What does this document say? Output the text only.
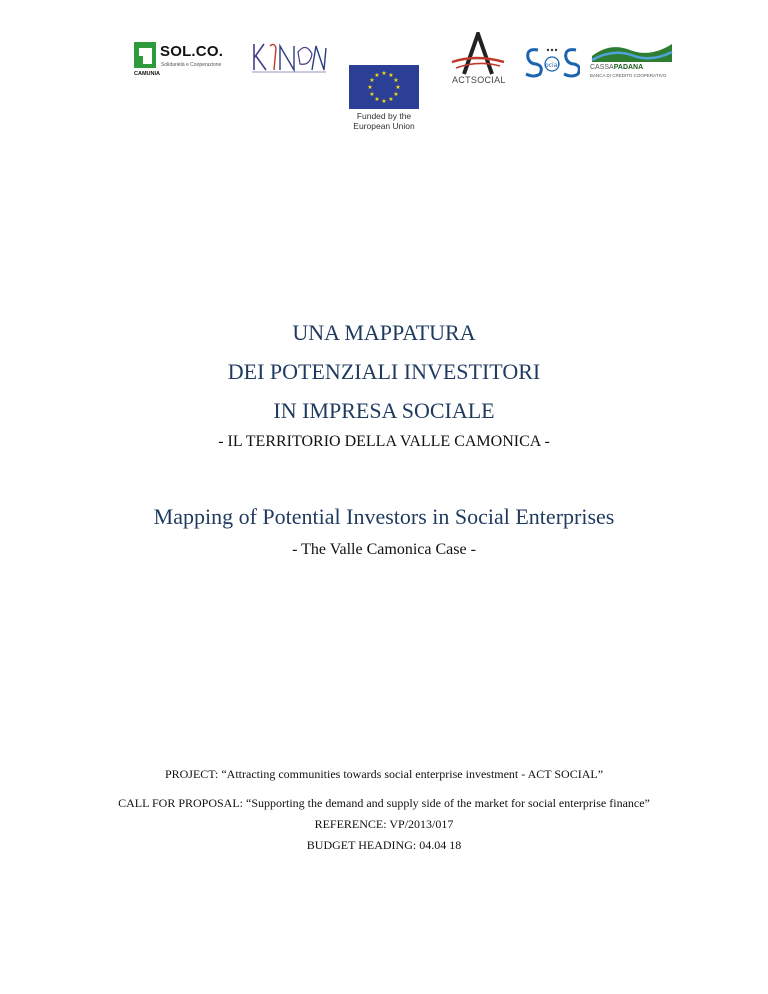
SOL.CO.
Solidarietà e Cooperazione
CAMUNIA	★ ★
★
★
★
★
★
★
★
★
★
★
Funded by the
European Union
ACTSOCIAL
ocial	CASSAPADANA
BANCA DI CREDITO COOPERATIVO
UNA MAPPATURA
DEI POTENZIALI INVESTITORI
IN IMPRESA SOCIALE
- IL TERRITORIO DELLA VALLE CAMONICA -
Mapping of Potential Investors in Social Enterprises
- The Valle Camonica Case -
PROJECT: “Attracting communities towards social enterprise investment - ACT SOCIAL”
CALL FOR PROPOSAL: “Supporting the demand and supply side of the market for social enterprise finance”
REFERENCE: VP/2013/017
BUDGET HEADING: 04.04 18
